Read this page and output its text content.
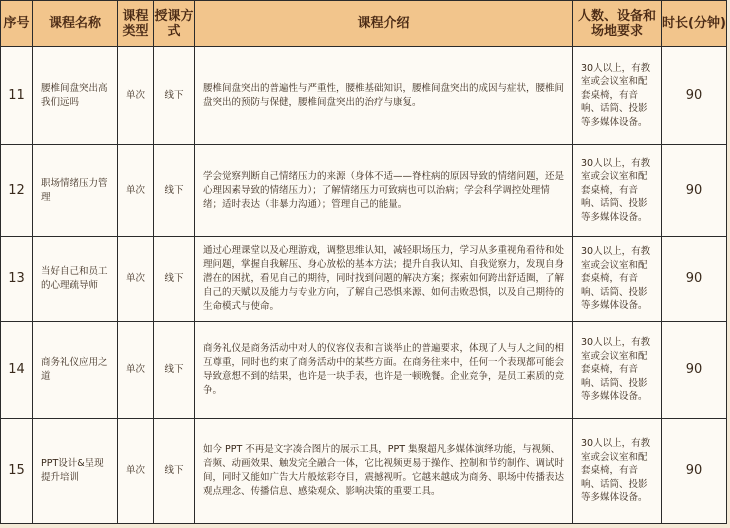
序号	课程名称	课程类型	授课方式	课程介绍	人数、设备和场地要求	时长(分钟)
11	腰椎间盘突出高我们远吗	单次	线下	腰椎间盘突出的普遍性与严重性，腰椎基础知识，腰椎间盘突出的成因与症状，腰椎间盘突出的预防与保健，腰椎间盘突出的治疗与康复。	30人以上，有教室或会议室和配套桌椅，有音响、话筒、投影等多媒体设备。	90
12	职场情绪压力管理	单次	线下	学会觉察判断自己情绪压力的来源（身体不适——脊柱病的原因导致的情绪问题，还是心理因素导致的情绪压力）；了解情绪压力可致病也可以治病；学会科学调控处理情绪；适时表达（非暴力沟通）；管理自己的能量。	30人以上，有教室或会议室和配套桌椅，有音响、话筒、投影等多媒体设备。	90
13	当好自己和员工的心理疏导师	单次	线下	通过心理课堂以及心理游戏，调整思维认知，减轻职场压力，学习从多重视角看待和处理问题，掌握自我解压、身心放松的基本方法；提升自我认知、自我觉察力，发现自身潜在的困扰，看见自己的期待，同时找到问题的解决方案；探索如何跨出舒适圈，了解自己的天赋以及能力与专业方向，了解自己恐惧来源、如何击败恐惧，以及自己期待的生命模式与使命。	30人以上，有教室或会议室和配套桌椅，有音响、话筒、投影等多媒体设备。	90
14	商务礼仪应用之道	单次	线下	商务礼仪是商务活动中对人的仪容仪表和言谈举止的普遍要求，体现了人与人之间的相互尊重，同时也约束了商务活动中的某些方面。在商务往来中，任何一个表现都可能会导致意想不到的结果，也许是一块手表，也许是一顿晚餐。企业竞争，是员工素质的竞争。	30人以上，有教室或会议室和配套桌椅，有音响、话筒、投影等多媒体设备。	90
15	PPT设计&呈现提升培训	单次	线下	如今 PPT 不再是文字凑合图片的展示工具，PPT 集聚超凡多媒体演绎功能，与视频、音频、动画效果、触发完全融合一体，它比视频更易于操作、控制和节约制作、调试时间，同时又能如广告大片般炫彩夺目，震撼视听。它越来越成为商务、职场中传播表达观点理念、传播信息、感染观众、影响决策的重要工具。	30人以上，有教室或会议室和配套桌椅，有音响、话筒、投影等多媒体设备。	90
